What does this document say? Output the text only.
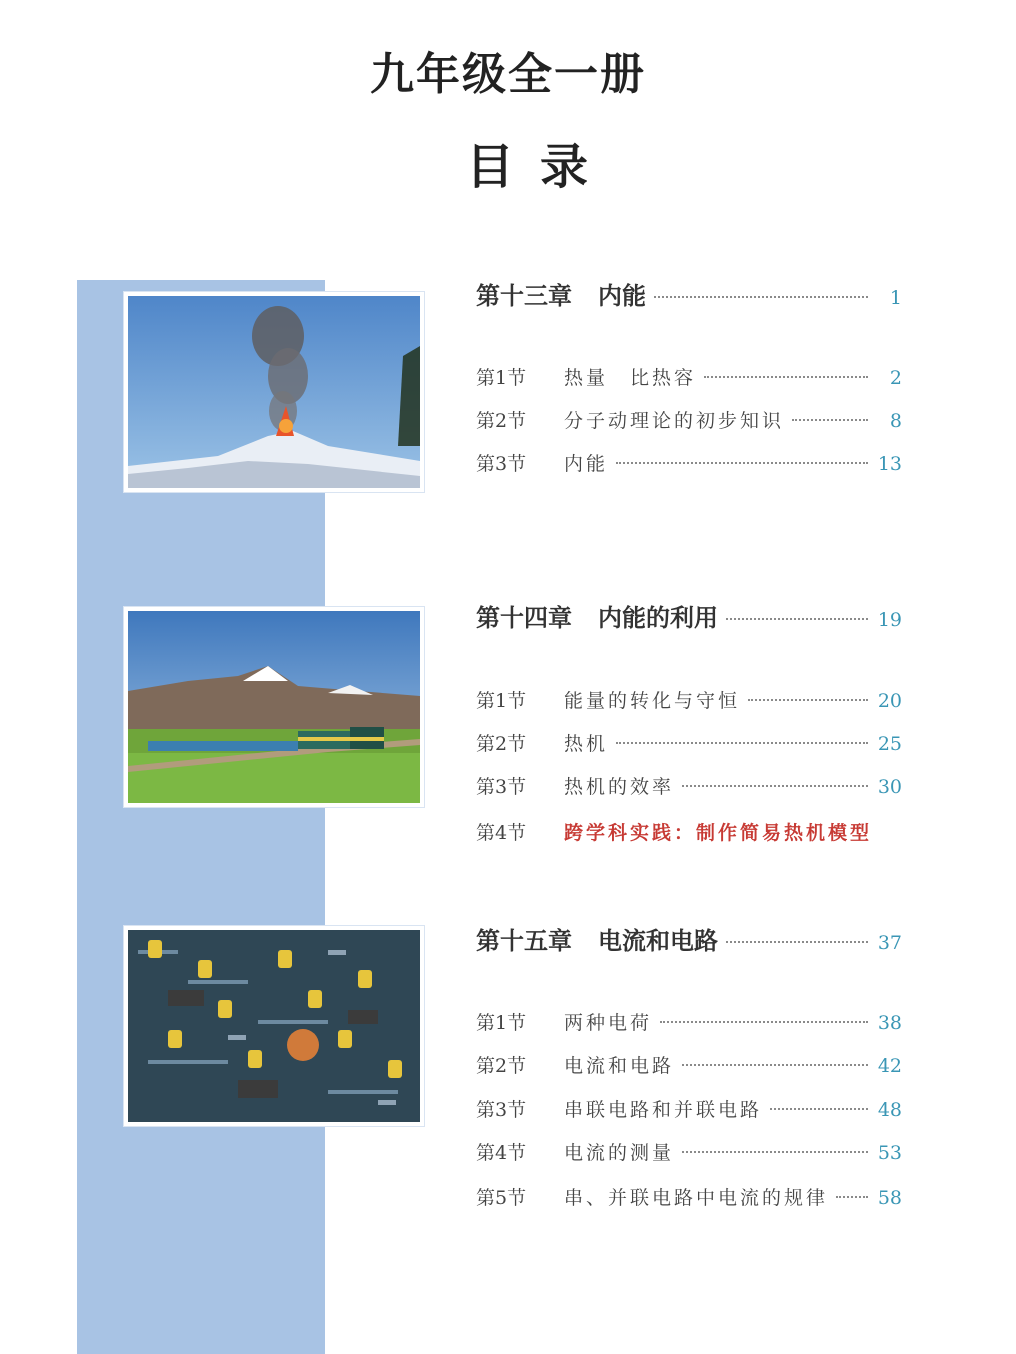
九年级全一册
目录
第十三章 内能	1
第1节	热量　比热容	2
第2节	分子动理论的初步知识	8
第3节	内能	13
第十四章 内能的利用	19
第1节	能量的转化与守恒	20
第2节	热机	25
第3节	热机的效率	30
第4节	跨学科实践：制作简易热机模型
第十五章 电流和电路	37
第1节	两种电荷	38
第2节	电流和电路	42
第3节	串联电路和并联电路	48
第4节	电流的测量	53
第5节	串、并联电路中电流的规律	58
